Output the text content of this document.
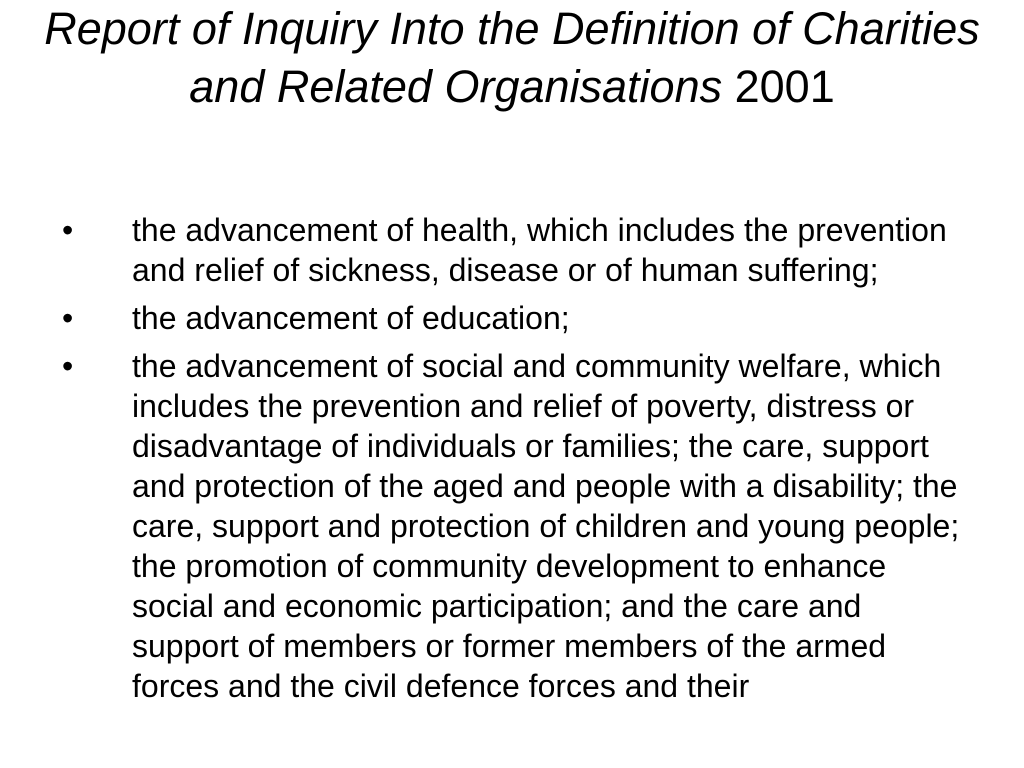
Report of Inquiry Into the Definition of Charities and Related Organisations 2001
• the advancement of health, which includes the prevention and relief of sickness, disease or of human suffering;
• the advancement of education;
• the advancement of social and community welfare, which includes the prevention and relief of poverty, distress or disadvantage of individuals or families; the care, support and protection of the aged and people with a disability; the care, support and protection of children and young people; the promotion of community development to enhance social and economic participation; and the care and support of members or former members of the armed forces and the civil defence forces and their
